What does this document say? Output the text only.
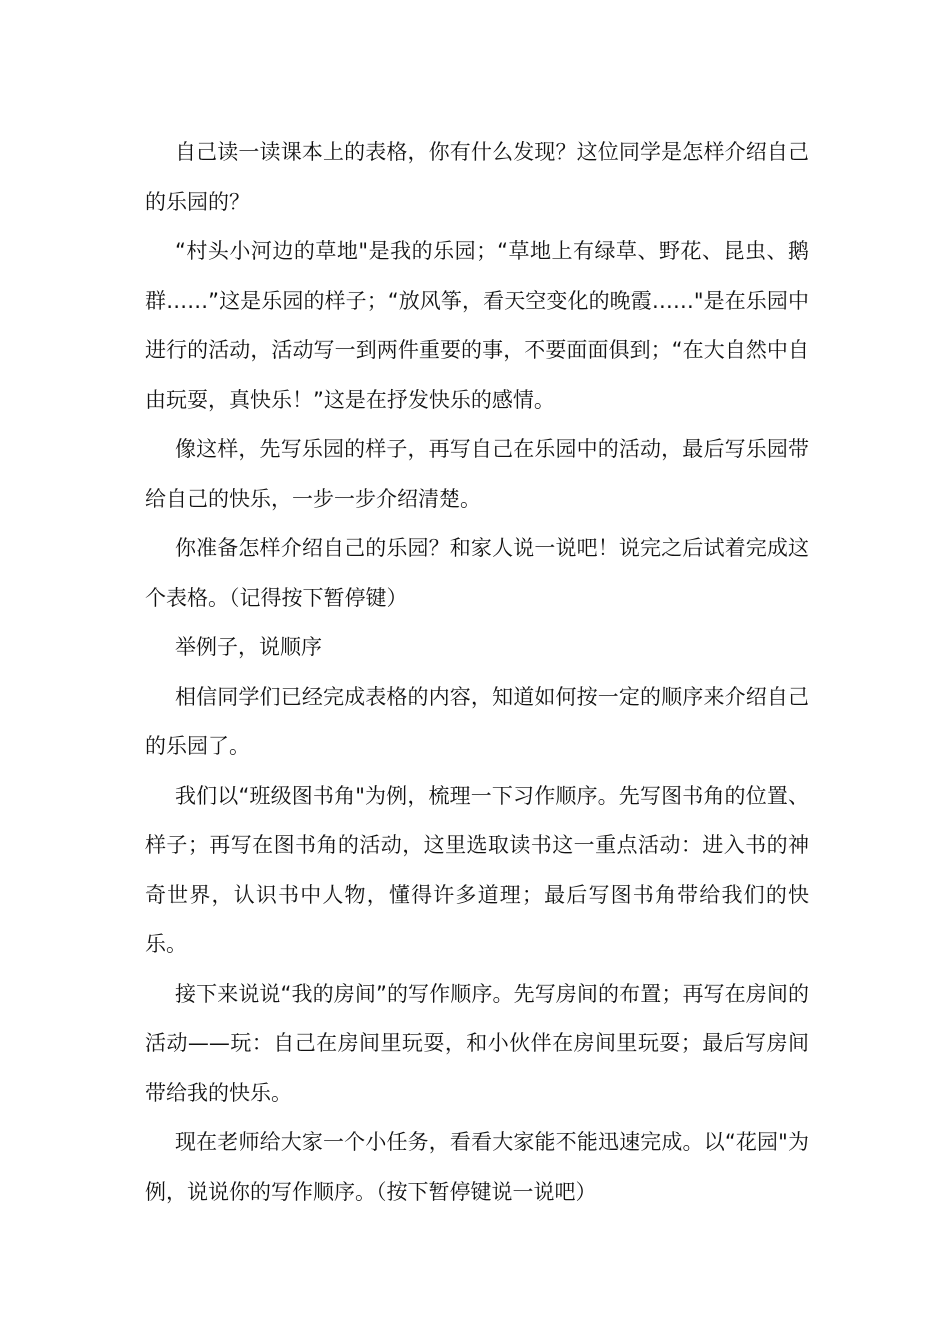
自己读一读课本上的表格，你有什么发现？这位同学是怎样介绍自己的乐园的？

“村头小河边的草地"是我的乐园；“草地上有绿草、野花、昆虫、鹅群……”这是乐园的样子；“放风筝，看天空变化的晚霞……"是在乐园中进行的活动，活动写一到两件重要的事，不要面面俱到；“在大自然中自由玩耍，真快乐！”这是在抒发快乐的感情。

像这样，先写乐园的样子，再写自己在乐园中的活动，最后写乐园带给自己的快乐，一步一步介绍清楚。

你准备怎样介绍自己的乐园？和家人说一说吧！说完之后试着完成这个表格。（记得按下暂停键）

举例子，说顺序

相信同学们已经完成表格的内容，知道如何按一定的顺序来介绍自己的乐园了。

我们以“班级图书角"为例，梳理一下习作顺序。先写图书角的位置、样子；再写在图书角的活动，这里选取读书这一重点活动：进入书的神奇世界，认识书中人物，懂得许多道理；最后写图书角带给我们的快乐。

接下来说说“我的房间”的写作顺序。先写房间的布置；再写在房间的活动——玩：自己在房间里玩耍，和小伙伴在房间里玩耍；最后写房间带给我的快乐。

现在老师给大家一个小任务，看看大家能不能迅速完成。以“花园"为例，说说你的写作顺序。（按下暂停键说一说吧）
